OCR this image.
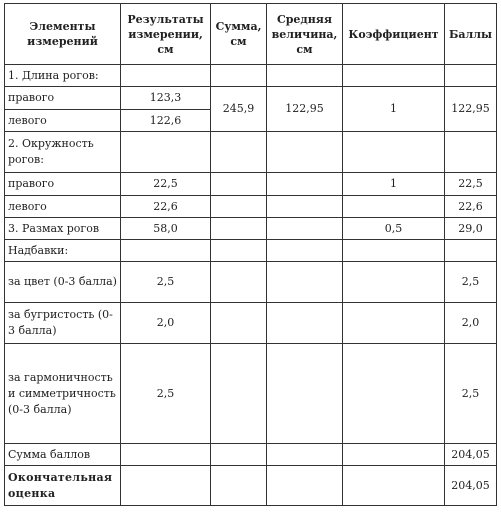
Элементы измерений	Результаты измерении, см	Сумма, см	Средняя величина, см	Коэффициент	Баллы
1. Длина рогов:					
правого	123,3	245,9	122,95	1	122,95
левого	122,6				
2. Окружность рогов:					
правого	22,5			1	22,5
левого	22,6				22,6
3. Размах рогов	58,0			0,5	29,0
Надбавки:					
за цвет (0-3 балла)	2,5				2,5
за бугристость (0-3 балла)	2,0				2,0
за гармоничность и симметричность (0-3 балла)	2,5				2,5
Сумма баллов					204,05
Окончательная оценка					204,05
